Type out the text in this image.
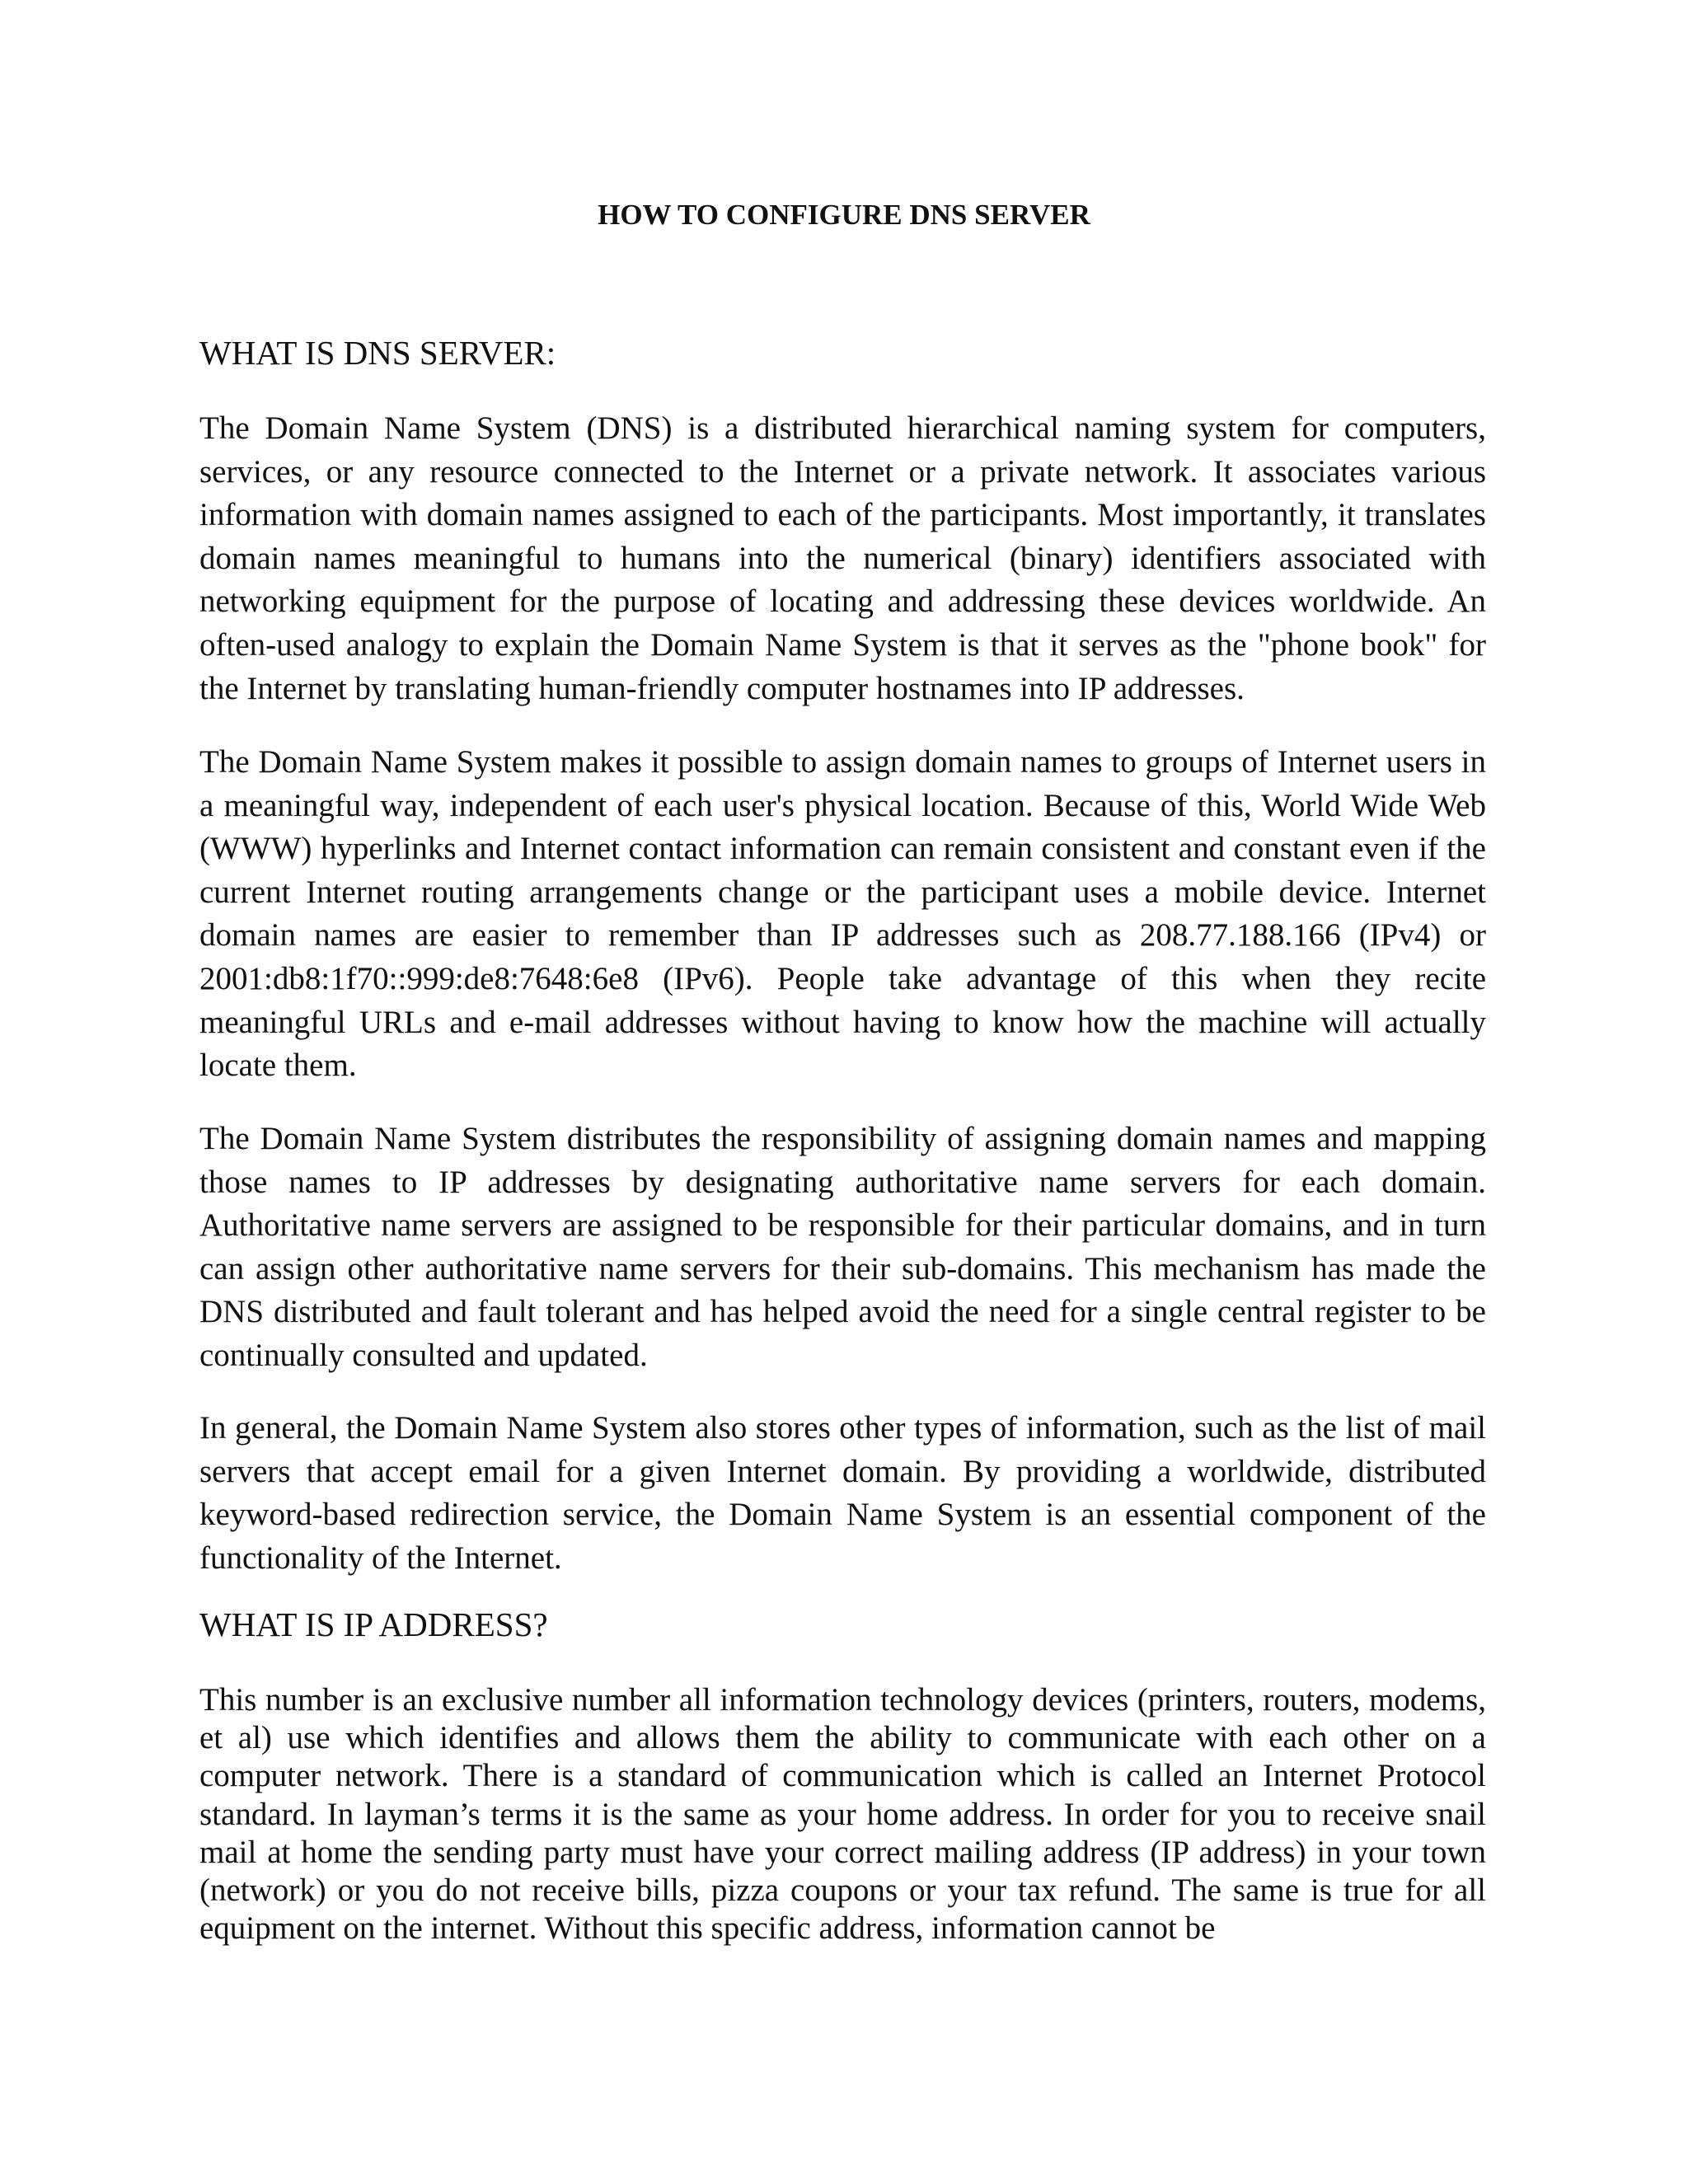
HOW TO CONFIGURE DNS SERVER
WHAT IS DNS SERVER:

The Domain Name System (DNS) is a distributed hierarchical naming system for computers, services, or any resource connected to the Internet or a private network. It associates various information with domain names assigned to each of the participants. Most importantly, it translates domain names meaningful to humans into the numerical (binary) identifiers associated with networking equipment for the purpose of locating and addressing these devices worldwide. An often-used analogy to explain the Domain Name System is that it serves as the "phone book" for the Internet by translating human-friendly computer hostnames into IP addresses.

The Domain Name System makes it possible to assign domain names to groups of Internet users in a meaningful way, independent of each user's physical location. Because of this, World Wide Web (WWW) hyperlinks and Internet contact information can remain consistent and constant even if the current Internet routing arrangements change or the participant uses a mobile device. Internet domain names are easier to remember than IP addresses such as 208.77.188.166 (IPv4) or 2001:db8:1f70::999:de8:7648:6e8 (IPv6). People take advantage of this when they recite meaningful URLs and e-mail addresses without having to know how the machine will actually locate them.

The Domain Name System distributes the responsibility of assigning domain names and mapping those names to IP addresses by designating authoritative name servers for each domain. Authoritative name servers are assigned to be responsible for their particular domains, and in turn can assign other authoritative name servers for their sub-domains. This mechanism has made the DNS distributed and fault tolerant and has helped avoid the need for a single central register to be continually consulted and updated.

In general, the Domain Name System also stores other types of information, such as the list of mail servers that accept email for a given Internet domain. By providing a worldwide, distributed keyword-based redirection service, the Domain Name System is an essential component of the functionality of the Internet.

WHAT IS IP ADDRESS?

This number is an exclusive number all information technology devices (printers, routers, modems, et al) use which identifies and allows them the ability to communicate with each other on a computer network. There is a standard of communication which is called an Internet Protocol standard. In layman’s terms it is the same as your home address. In order for you to receive snail mail at home the sending party must have your correct mailing address (IP address) in your town (network) or you do not receive bills, pizza coupons or your tax refund. The same is true for all equipment on the internet. Without this specific address, information cannot be
